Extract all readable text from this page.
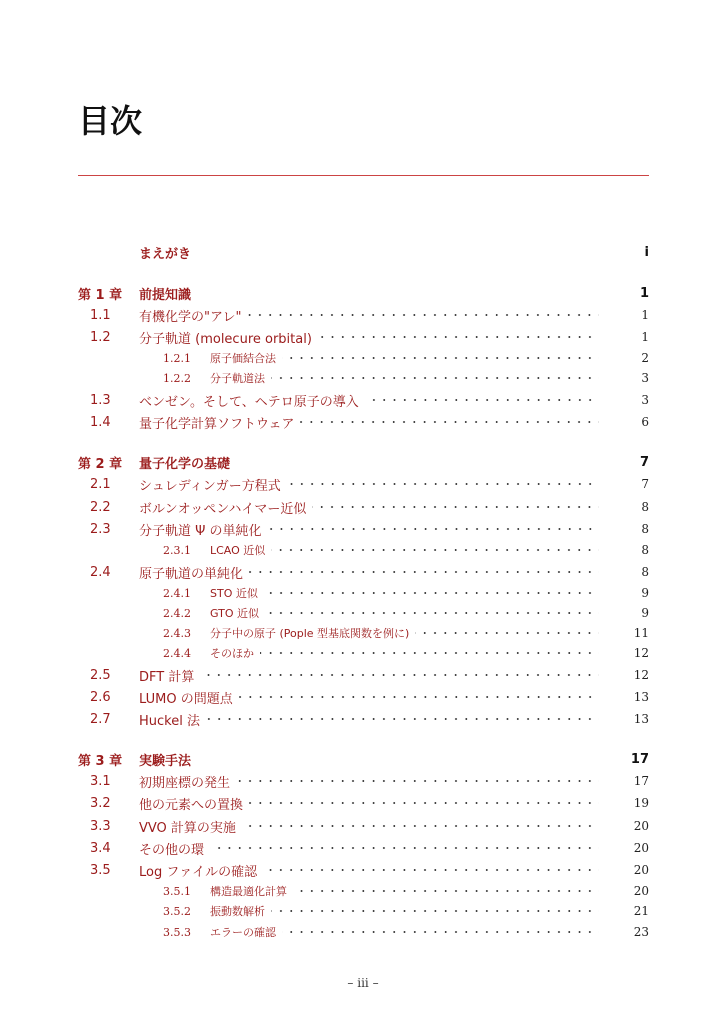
目次
まえがき	i
第 1 章	前提知識	1
1.1	有機化学の"アレ"	1
1.2	分子軌道 (molecure orbital)	1
1.2.1	原子価結合法	2
1.2.2	分子軌道法	3
1.3	ベンゼン。そして、ヘテロ原子の導入	3
1.4	量子化学計算ソフトウェア	6
第 2 章	量子化学の基礎	7
2.1	シュレディンガー方程式	7
2.2	ボルンオッペンハイマー近似	8
2.3	分子軌道 Ψ の単純化	8
2.3.1	LCAO 近似	8
2.4	原子軌道の単純化	8
2.4.1	STO 近似	9
2.4.2	GTO 近似	9
2.4.3	分子中の原子 (Pople 型基底関数を例に)	11
2.4.4	そのほか	12
2.5	DFT 計算	12
2.6	LUMO の問題点	13
2.7	Huckel 法	13
第 3 章	実験手法	17
3.1	初期座標の発生	17
3.2	他の元素への置換	19
3.3	VVO 計算の実施	20
3.4	その他の環	20
3.5	Log ファイルの確認	20
3.5.1	構造最適化計算	20
3.5.2	振動数解析	21
3.5.3	エラーの確認	23
– iii –
